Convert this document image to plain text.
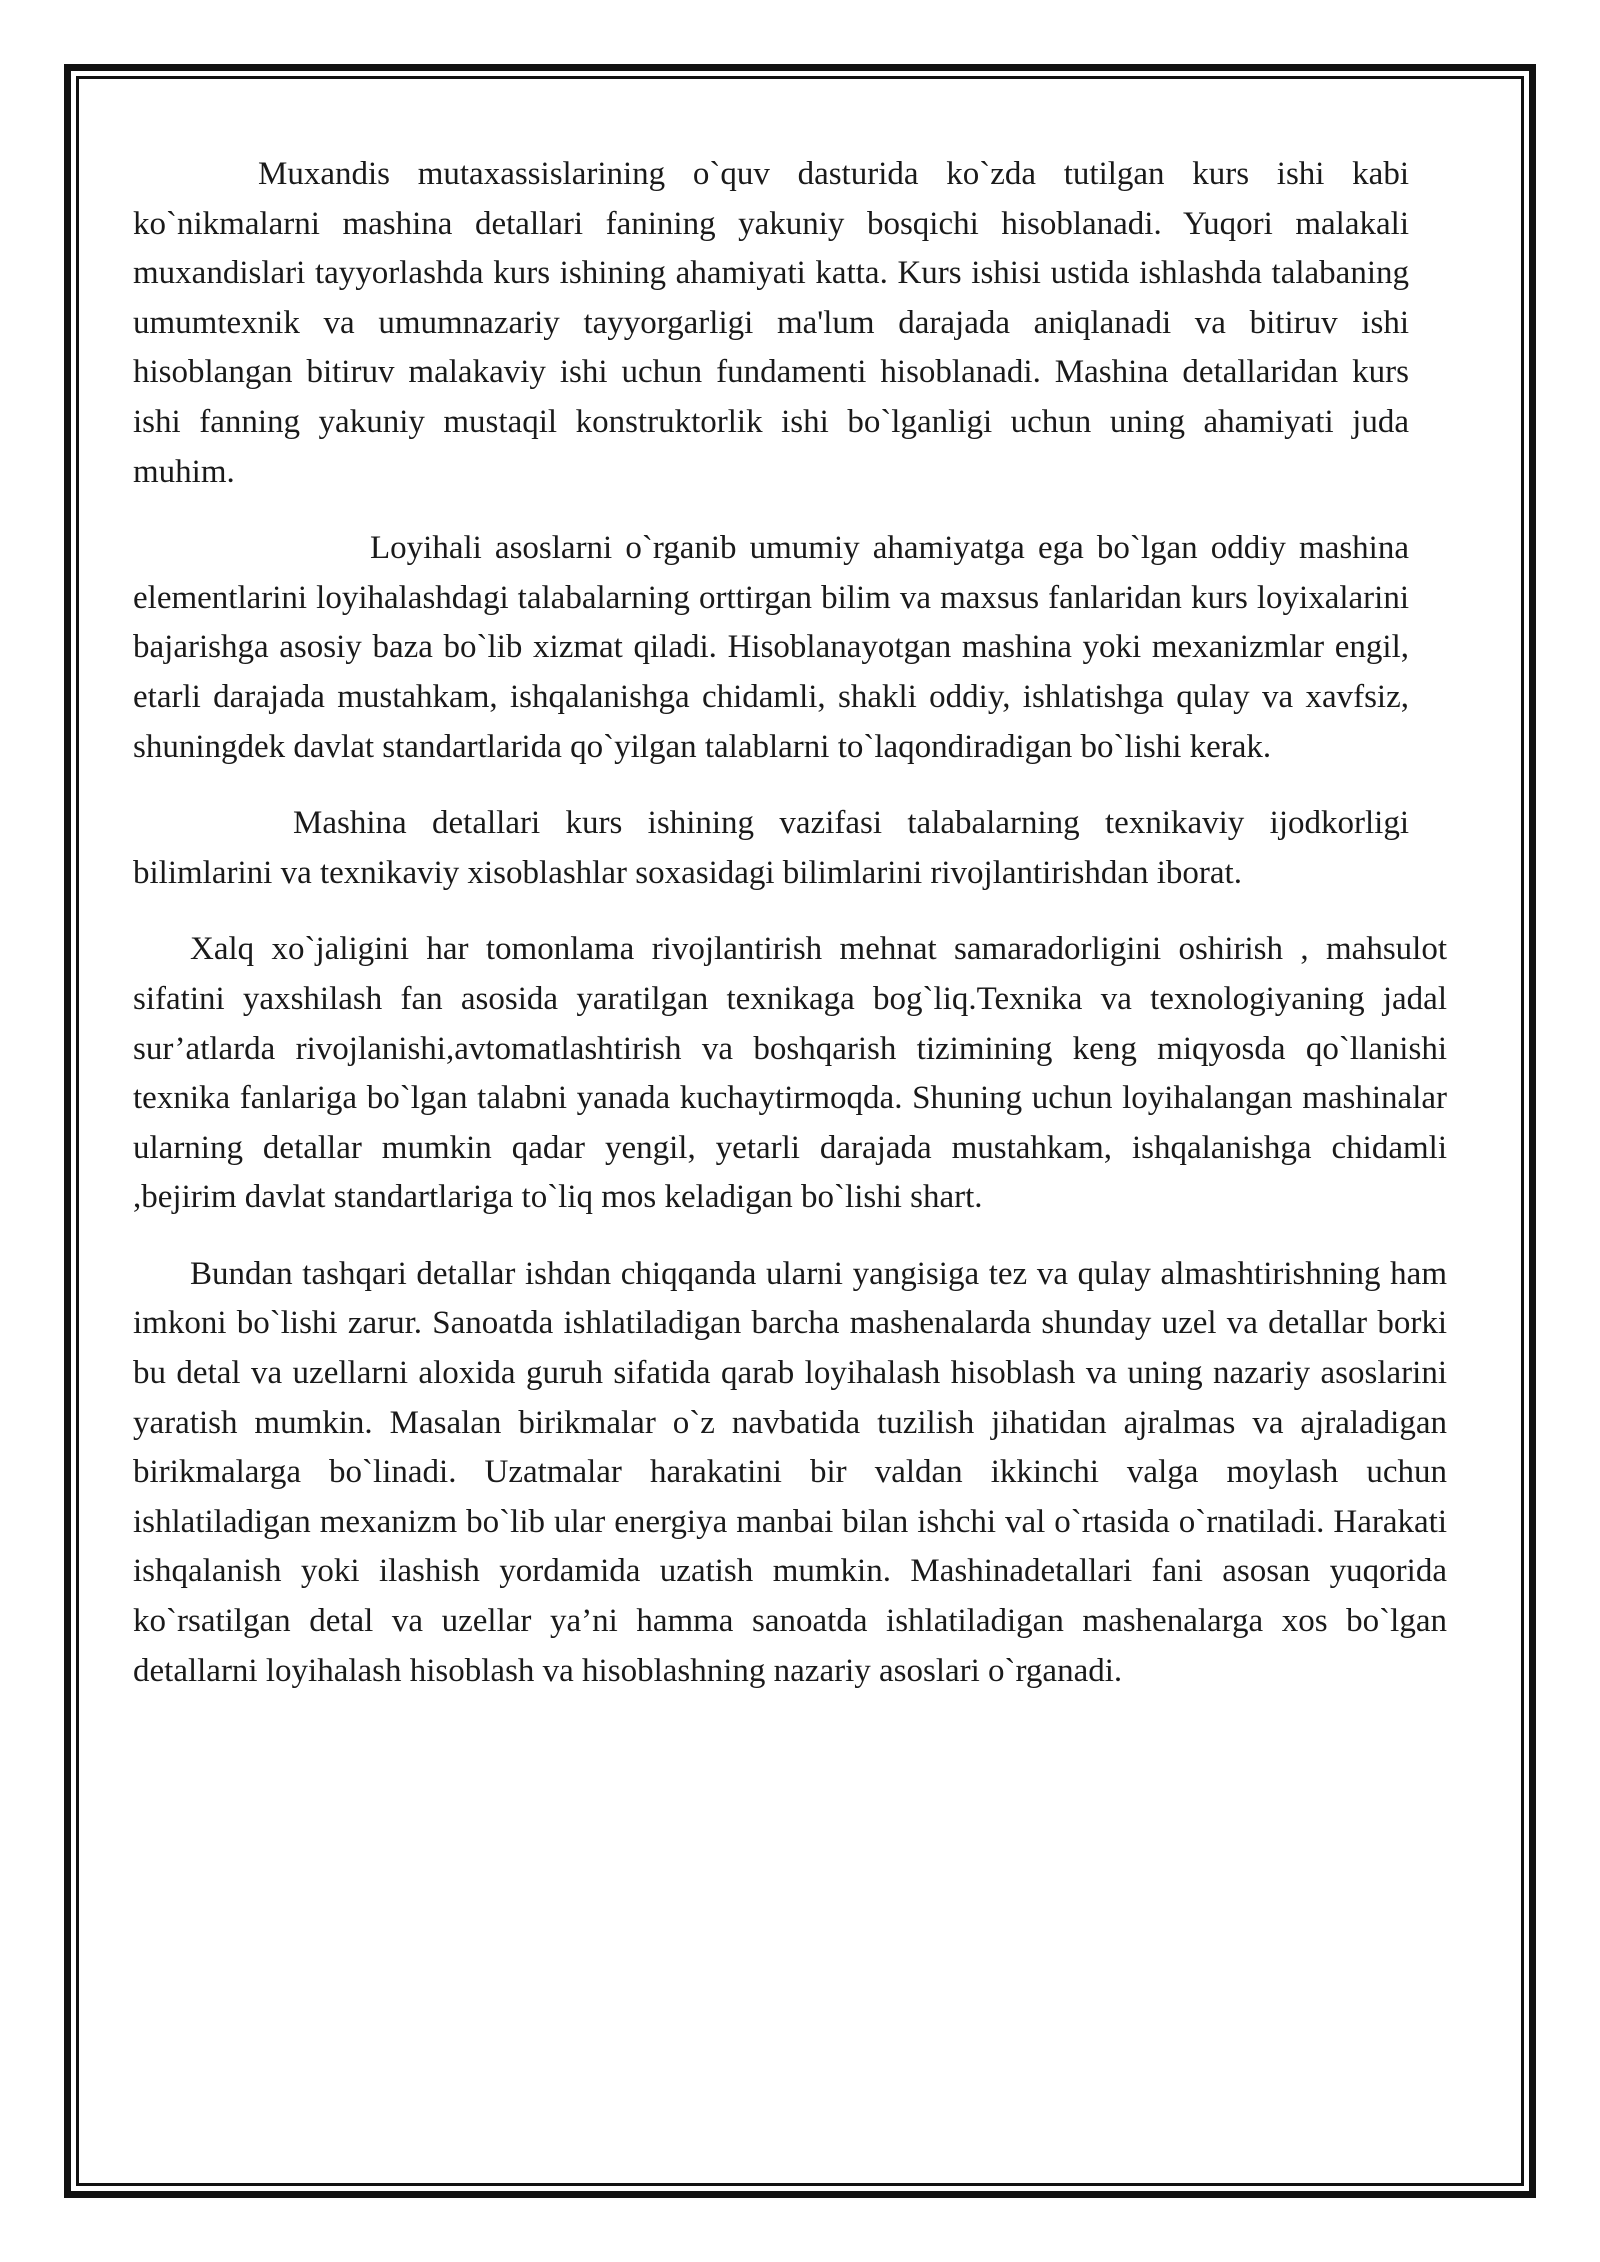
Muxandis mutaxassislarining o`quv dasturida ko`zda tutilgan kurs ishi kabi ko`nikmalarni mashina detallari fanining yakuniy bosqichi hisoblanadi. Yuqori malakali muxandislari tayyorlashda kurs ishining ahamiyati katta. Kurs ishisi ustida ishlashda talabaning umumtexnik va umumnazariy tayyorgarligi ma'lum darajada aniqlanadi va bitiruv ishi hisoblangan bitiruv malakaviy ishi uchun fundamenti hisoblanadi. Mashina detallaridan kurs ishi fanning yakuniy mustaqil konstruktorlik ishi bo`lganligi uchun uning ahamiyati juda muhim.

Loyihali asoslarni o`rganib umumiy ahamiyatga ega bo`lgan oddiy mashina elementlarini loyihalashdagi talabalarning orttirgan bilim va maxsus fanlaridan kurs loyixalarini bajarishga asosiy baza bo`lib xizmat qiladi. Hisoblanayotgan mashina yoki mexanizmlar engil, etarli darajada mustahkam, ishqalanishga chidamli, shakli oddiy, ishlatishga qulay va xavfsiz, shuningdek davlat standartlarida qo`yilgan talablarni to`laqondiradigan bo`lishi kerak.

Mashina detallari kurs ishining vazifasi talabalarning texnikaviy ijodkorligi bilimlarini va texnikaviy xisoblashlar soxasidagi bilimlarini rivojlantirishdan iborat.

Xalq xo`jaligini har tomonlama rivojlantirish mehnat samaradorligini oshirish , mahsulot sifatini yaxshilash fan asosida yaratilgan texnikaga bog`liq.Texnika va texnologiyaning jadal sur’atlarda rivojlanishi,avtomatlashtirish va boshqarish tizimining keng miqyosda qo`llanishi texnika fanlariga bo`lgan talabni yanada kuchaytirmoqda. Shuning uchun loyihalangan mashinalar ularning detallar mumkin qadar yengil, yetarli darajada mustahkam, ishqalanishga chidamli ,bejirim davlat standartlariga to`liq mos keladigan bo`lishi shart.

Bundan tashqari detallar ishdan chiqqanda ularni yangisiga tez va qulay almashtirishning ham imkoni bo`lishi zarur. Sanoatda ishlatiladigan barcha mashenalarda shunday uzel va detallar borki bu detal va uzellarni aloxida guruh sifatida qarab loyihalash hisoblash va uning nazariy asoslarini yaratish mumkin. Masalan birikmalar o`z navbatida tuzilish jihatidan ajralmas va ajraladigan birikmalarga bo`linadi. Uzatmalar harakatini bir valdan ikkinchi valga moylash uchun ishlatiladigan mexanizm bo`lib ular energiya manbai bilan ishchi val o`rtasida o`rnatiladi. Harakati ishqalanish yoki ilashish yordamida uzatish mumkin. Mashinadetallari fani asosan yuqorida ko`rsatilgan detal va uzellar ya’ni hamma sanoatda ishlatiladigan mashenalarga xos bo`lgan detallarni loyihalash hisoblash va hisoblashning nazariy asoslari o`rganadi.
